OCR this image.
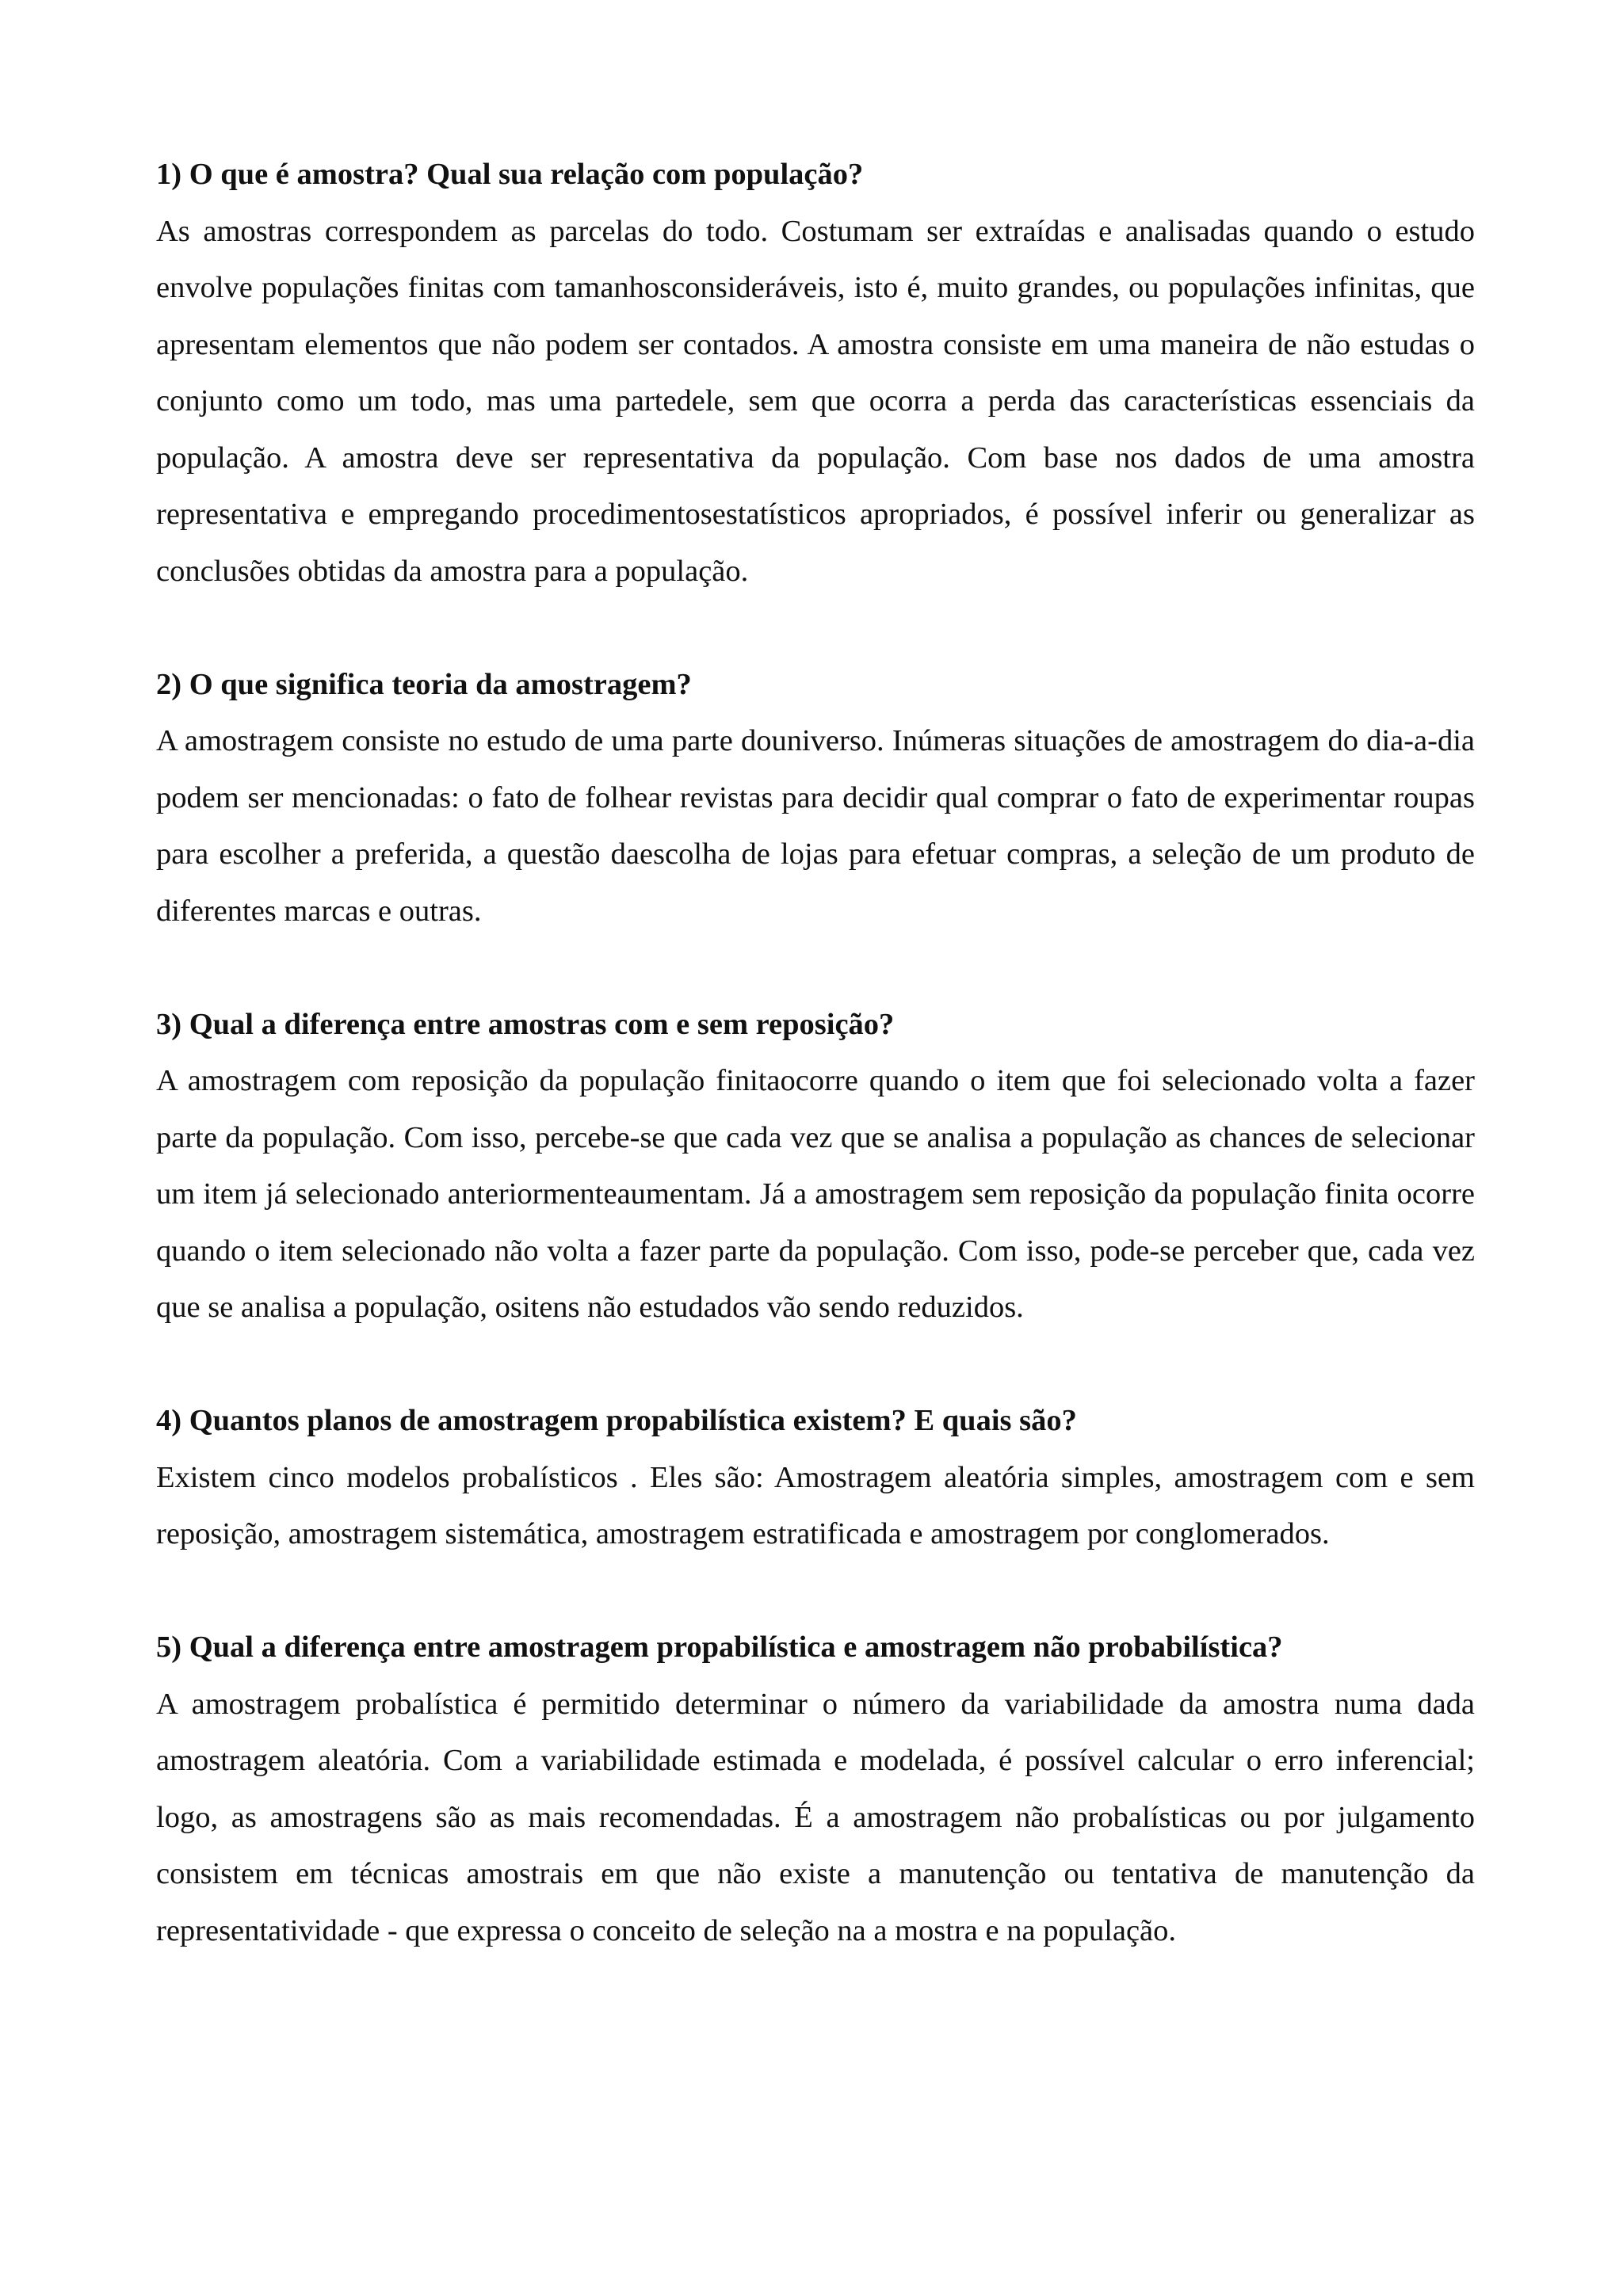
1) O que é amostra? Qual sua relação com população?

As amostras correspondem as parcelas do todo. Costumam ser extraídas e analisadas quando o estudo envolve populações finitas com tamanhosconsideráveis, isto é, muito grandes, ou populações infinitas, que apresentam elementos que não podem ser contados. A amostra consiste em uma maneira de não estudas o conjunto como um todo, mas uma partedele, sem que ocorra a perda das características essenciais da população. A amostra deve ser representativa da população. Com base nos dados de uma amostra representativa e empregando procedimentosestatísticos apropriados, é possível inferir ou generalizar as conclusões obtidas da amostra para a população.

2) O que significa teoria da amostragem?

A amostragem consiste no estudo de uma parte douniverso. Inúmeras situações de amostragem do dia-a-dia podem ser mencionadas: o fato de folhear revistas para decidir qual comprar o fato de experimentar roupas para escolher a preferida, a questão daescolha de lojas para efetuar compras, a seleção de um produto de diferentes marcas e outras.

3) Qual a diferença entre amostras com e sem reposição?

A amostragem com reposição da população finitaocorre quando o item que foi selecionado volta a fazer parte da população. Com isso, percebe-se que cada vez que se analisa a população as chances de selecionar um item já selecionado anteriormenteaumentam. Já a amostragem sem reposição da população finita ocorre quando o item selecionado não volta a fazer parte da população. Com isso, pode-se perceber que, cada vez que se analisa a população, ositens não estudados vão sendo reduzidos.

4) Quantos planos de amostragem propabilística existem? E quais são?

Existem cinco modelos probalísticos . Eles são: Amostragem aleatória simples, amostragem com e sem reposição, amostragem sistemática, amostragem estratificada e amostragem por conglomerados.

5) Qual a diferença entre amostragem propabilística e amostragem não probabilística?

A amostragem probalística é permitido determinar o número da variabilidade da amostra numa dada amostragem aleatória. Com a variabilidade estimada e modelada, é possível calcular o erro inferencial; logo, as amostragens são as mais recomendadas. É a amostragem não probalísticas ou por julgamento consistem em técnicas amostrais em que não existe a manutenção ou tentativa de manutenção da representatividade - que expressa o conceito de seleção na a mostra e na população.
